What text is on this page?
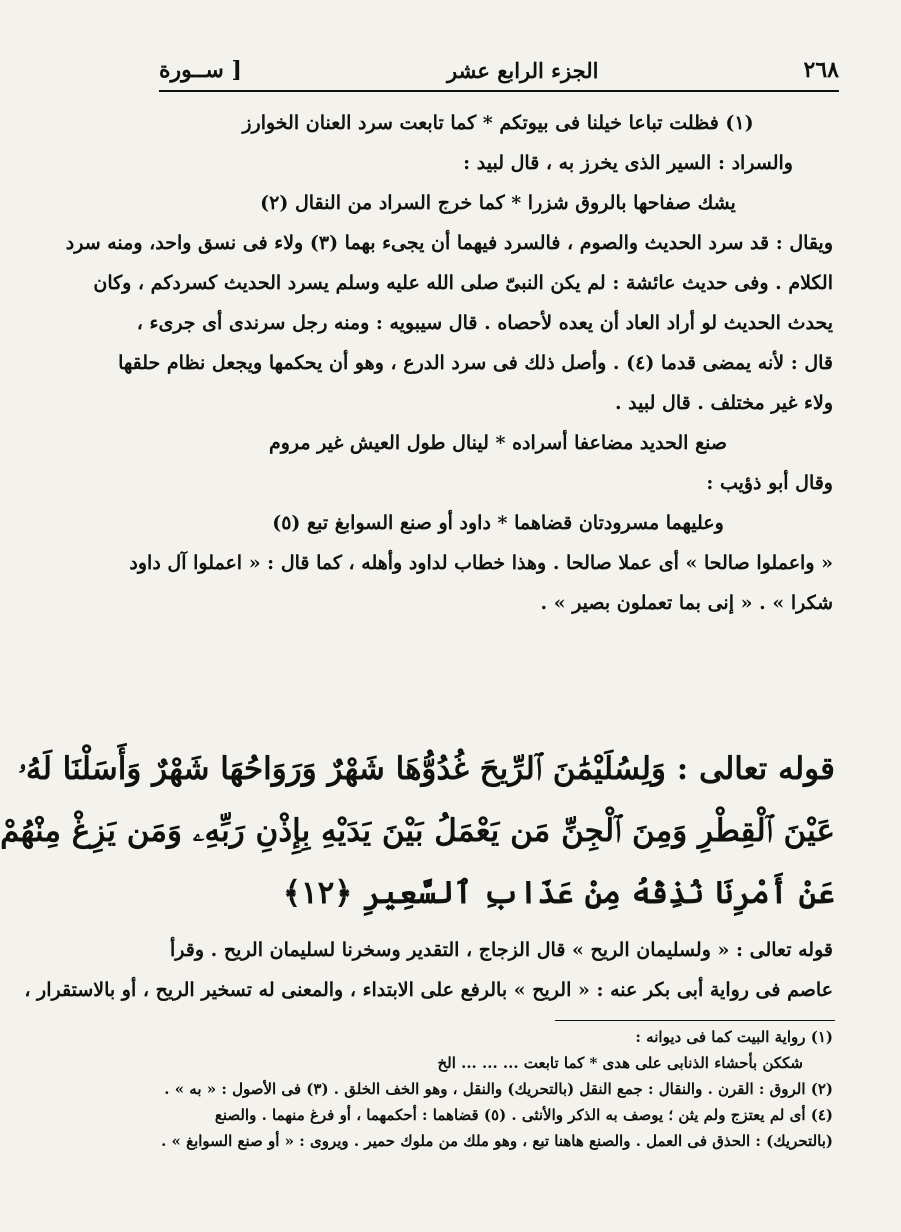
٢٦٨
الجزء الرابع عشر
[ ســورة
(١) فظلت تباعا خيلنا فى بيوتكم * كما تابعت سرد العنان الخوارز
والسراد : السير الذى يخرز به ، قال لبيد :
يشك صفاحها بالروق شزرا * كما خرج السراد من النقال (٢)
ويقال : قد سرد الحديث والصوم ، فالسرد فيهما أن يجىء بهما (٣) ولاء فى نسق واحد، ومنه سرد
الكلام . وفى حديث عائشة : لم يكن النبىّ صلى الله عليه وسلم يسرد الحديث كسردكم ، وكان
يحدث الحديث لو أراد العاد أن يعده لأحصاه . قال سيبويه : ومنه رجل سرندى أى جرىء ،
قال : لأنه يمضى قدما (٤) . وأصل ذلك فى سرد الدرع ، وهو أن يحكمها ويجعل نظام حلقها
ولاء غير مختلف . قال لبيد .
صنع الحديد مضاعفا أسراده * لينال طول العيش غير مروم
وقال أبو ذؤيب :
وعليهما مسرودتان قضاهما * داود أو صنع السوابغ تبع (٥)
« واعملوا صالحا » أى عملا صالحا . وهذا خطاب لداود وأهله ، كما قال : « اعملوا آل داود
شكرا » . « إنى بما تعملون بصير » .
قوله تعالى : وَلِسُلَيْمَٰنَ ٱلرِّيحَ غُدُوُّهَا شَهْرٌ وَرَوَاحُهَا شَهْرٌ وَأَسَلْنَا لَهُۥ
عَيْنَ ٱلْقِطْرِ وَمِنَ ٱلْجِنِّ مَن يَعْمَلُ بَيْنَ يَدَيْهِ بِإِذْنِ رَبِّهِۦ وَمَن يَزِغْ مِنْهُمْ
عَنْ أَمْرِنَا نُذِقْهُ مِنْ عَذَابِ ٱلسَّعِيرِ ﴿١٢﴾
قوله تعالى : « ولسليمان الريح » قال الزجاج ، التقدير وسخرنا لسليمان الريح . وقرأ
عاصم فى رواية أبى بكر عنه : « الريح » بالرفع على الابتداء ، والمعنى له تسخير الريح ، أو بالاستقرار ،
(١) رواية البيت كما فى ديوانه :
شككن بأحشاء الذنابى على هدى * كما تابعت ... ... ... الخ
(٢) الروق : القرن . والنقال : جمع النقل (بالتحريك) والنقل ، وهو الخف الخلق . (٣) فى الأصول : « به » .
(٤) أى لم يعتزج ولم يثن ؛ يوصف به الذكر والأنثى . (٥) قضاهما : أحكمهما ، أو فرغ منهما . والصنع
(بالتحريك) : الحذق فى العمل . والصنع هاهنا تبع ، وهو ملك من ملوك حمير . ويروى : « أو صنع السوابغ » .
